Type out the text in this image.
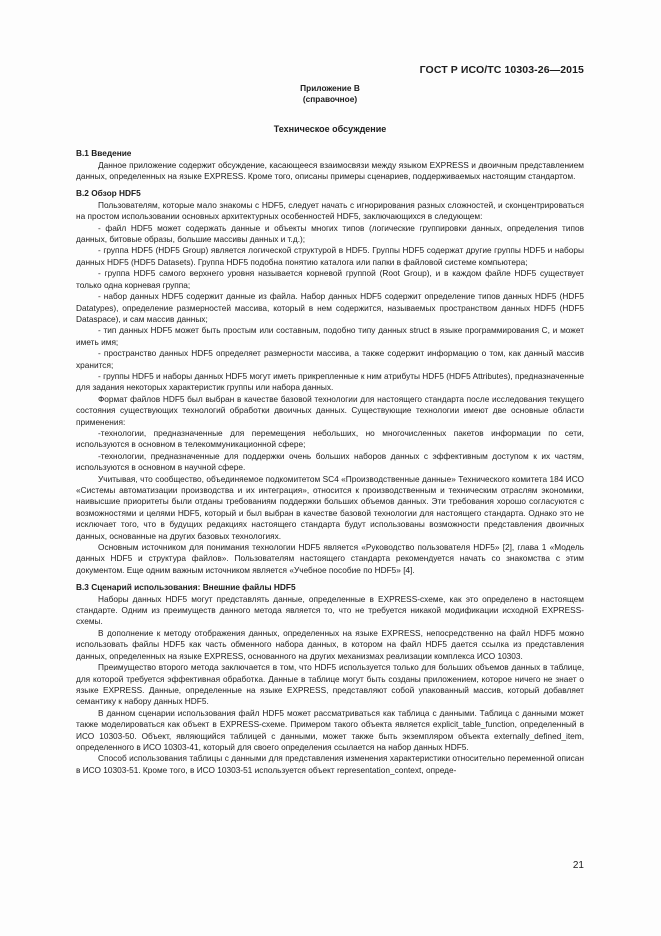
ГОСТ Р ИСО/ТС 10303-26—2015
Приложение В
(справочное)
Техническое обсуждение
В.1 Введение

Данное приложение содержит обсуждение, касающееся взаимосвязи между языком EXPRESS и двоичным представлением данных, определенных на языке EXPRESS. Кроме того, описаны примеры сценариев, поддерживаемых настоящим стандартом.

В.2 Обзор HDF5

Пользователям, которые мало знакомы с HDF5, следует начать с игнорирования разных сложностей, и сконцентрироваться на простом использовании основных архитектурных особенностей HDF5, заключающихся в следующем:

- файл HDF5 может содержать данные и объекты многих типов (логические группировки данных, определения типов данных, битовые образы, большие массивы данных и т.д.);

- группа HDF5 (HDF5 Group) является логической структурой в HDF5. Группы HDF5 содержат другие группы HDF5 и наборы данных HDF5 (HDF5 Datasets). Группа HDF5 подобна понятию каталога или папки в файловой системе компьютера;

- группа HDF5 самого верхнего уровня называется корневой группой (Root Group), и в каждом файле HDF5 существует только одна корневая группа;

- набор данных HDF5 содержит данные из файла. Набор данных HDF5 содержит определение типов данных HDF5 (HDF5 Datatypes), определение размерностей массива, который в нем содержится, называемых пространством данных HDF5 (HDF5 Dataspace), и сам массив данных;

- тип данных HDF5 может быть простым или составным, подобно типу данных struct в языке программирования С, и может иметь имя;

- пространство данных HDF5 определяет размерности массива, а также содержит информацию о том, как данный массив хранится;

- группы HDF5 и наборы данных HDF5 могут иметь прикрепленные к ним атрибуты HDF5 (HDF5 Attributes), предназначенные для задания некоторых характеристик группы или набора данных.

Формат файлов HDF5 был выбран в качестве базовой технологии для настоящего стандарта после исследования текущего состояния существующих технологий обработки двоичных данных. Существующие технологии имеют две основные области применения:

-технологии, предназначенные для перемещения небольших, но многочисленных пакетов информации по сети, используются в основном в телекоммуникационной сфере;

-технологии, предназначенные для поддержки очень больших наборов данных с эффективным доступом к их частям, используются в основном в научной сфере.

Учитывая, что сообщество, объединяемое подкомитетом SC4 «Производственные данные» Технического комитета 184 ИСО «Системы автоматизации производства и их интеграция», относится к производственным и техническим отраслям экономики, наивысшие приоритеты были отданы требованиям поддержки больших объемов данных. Эти требования хорошо согласуются с возможностями и целями HDF5, который и был выбран в качестве базовой технологии для настоящего стандарта. Однако это не исключает того, что в будущих редакциях настоящего стандарта будут использованы возможности представления двоичных данных, основанные на других базовых технологиях.

Основным источником для понимания технологии HDF5 является «Руководство пользователя HDF5» [2], глава 1 «Модель данных HDF5 и структура файлов». Пользователям настоящего стандарта рекомендуется начать со знакомства с этим документом. Еще одним важным источником является «Учебное пособие по HDF5» [4].

В.3 Сценарий использования: Внешние файлы HDF5

Наборы данных HDF5 могут представлять данные, определенные в EXPRESS-схеме, как это определено в настоящем стандарте. Одним из преимуществ данного метода является то, что не требуется никакой модификации исходной EXPRESS-схемы.

В дополнение к методу отображения данных, определенных на языке EXPRESS, непосредственно на файл HDF5 можно использовать файлы HDF5 как часть обменного набора данных, в котором на файл HDF5 дается ссылка из представления данных, определенных на языке EXPRESS, основанного на других механизмах реализации комплекса ИСО 10303.

Преимущество второго метода заключается в том, что HDF5 используется только для больших объемов данных в таблице, для которой требуется эффективная обработка. Данные в таблице могут быть созданы приложением, которое ничего не знает о языке EXPRESS. Данные, определенные на языке EXPRESS, представляют собой упакованный массив, который добавляет семантику к набору данных HDF5.

В данном сценарии использования файл HDF5 может рассматриваться как таблица с данными. Таблица с данными может также моделироваться как объект в EXPRESS-схеме. Примером такого объекта является explicit_table_function, определенный в ИСО 10303-50. Объект, являющийся таблицей с данными, может также быть экземпляром объекта externally_defined_item, определенного в ИСО 10303-41, который для своего определения ссылается на набор данных HDF5.

Способ использования таблицы с данными для представления изменения характеристики относительно переменной описан в ИСО 10303-51. Кроме того, в ИСО 10303-51 используется объект representation_context, опреде-

21
